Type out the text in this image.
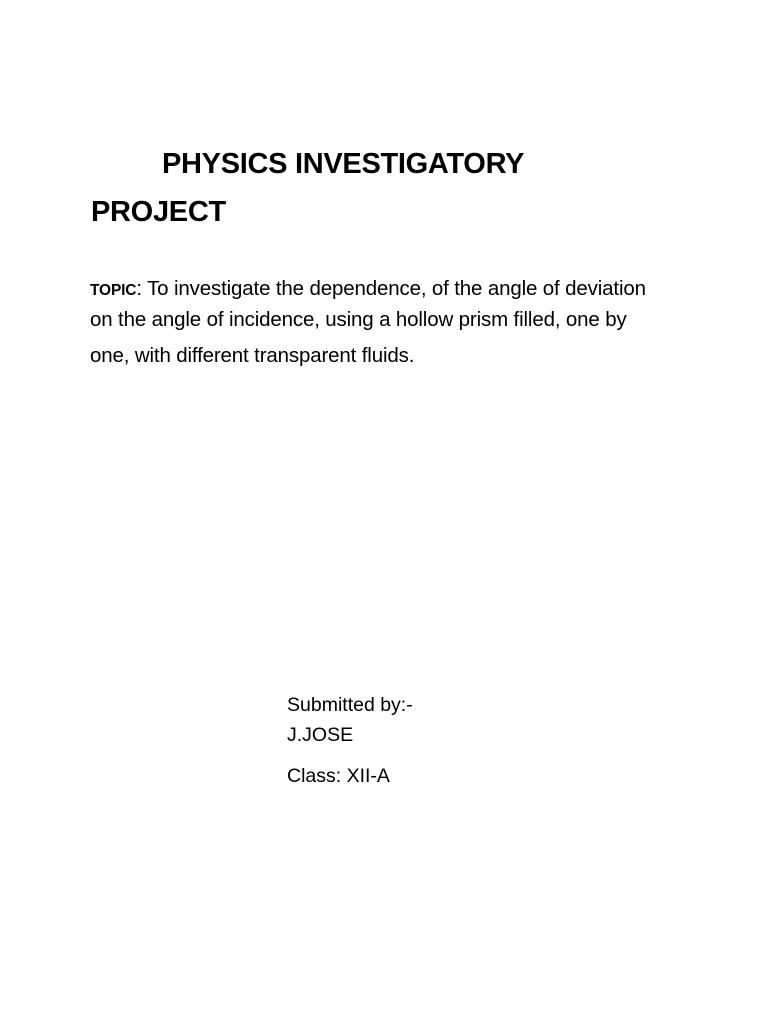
PHYSICS INVESTIGATORY
PROJECT
TOPIC: To investigate the dependence, of the angle of deviation
on the angle of incidence, using a hollow prism filled, one by
one, with different transparent fluids.
Submitted by:-
J.JOSE
Class: XII-A
